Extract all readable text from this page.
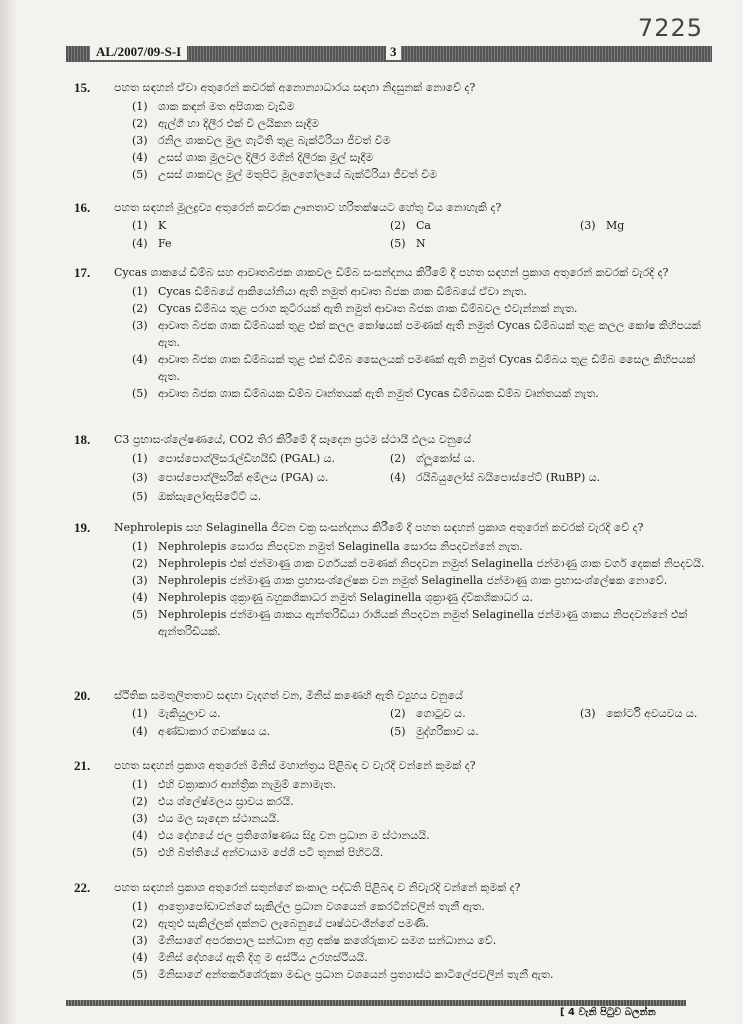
7225
AL/2007/09-S-I	3
15.	පහත සඳහන් ඒවා අතුරෙන් කවරක් අනොන්‍යාධාරය සඳහා නිදසුනක් නොවේ ද?
(1) ශාක කඳන් මත අපිශාක වැඩීම
(2) ඇල්ගී හා දිලීර එක් වී ලයිකන සෑදීම
(3) රනිල ශාකවල මුල ගැටිති තුළ බැක්ටීරියා ජීවත් වීම
(4) උසස් ශාක මූලවල දිලීර මගින් දිලීරක මූල් සෑදීම
(5) උසස් ශාකවල මුල් මතුපිට මූලගෝලයේ බැක්ටීරියා ජීවත් වීම
16.	පහත සඳහන් මූලද්‍රව්‍ය අතුරෙන් කවරක ඌනතාව හරිතක්ෂයට හේතු විය නොහැකි ද?
(1) K	(2) Ca	(3) Mg
(4) Fe	(5) N
17.	Cycas ශාකයේ ඩිම්බ සහ ආවෘතබීජක ශාකවල ඩිම්බ සංසන්දනය කිරීමේ දී පහත සඳහන් ප්‍රකාශ අතුරෙන් කවරක් වැරදි ද?
(1) Cycas ඩිම්බයේ ආකියෝනියා ඇති නමුත් ආවෘත බීජක ශාක ඩිම්බයේ ඒවා නැත.
(2) Cycas ඩිම්බය තුළ පරාග කුටීරයක් ඇති නමුත් ආවෘත බීජක ශාක ඩිම්බවල එවැන්නක් නැත.
(3) ආවෘත බීජක ශාක ඩිම්බයක් තුළ එක් කලල කෝෂයක් පමණක් ඇති නමුත් Cycas ඩිම්බයක් තුළ කලල කෝෂ කිහිපයක් ඇත.
(4) ආවෘත බීජක ශාක ඩිම්බයක් තුළ එක් ඩිම්බ සෛලයක් පමණක් ඇති නමුත් Cycas ඩිම්බය තුළ ඩිම්බ සෛල කිහිපයක් ඇත.
(5) ආවෘත බීජක ශාක ඩිම්බයක ඩිම්බ වෘන්තයක් ඇති නමුත් Cycas ඩිම්බයක ඩිම්බ වෘන්තයක් නැත.
18.	C3 ප්‍රභාසංශ්ලේෂණයේ, CO2 තිර කිරීමේ දී සෑදෙන ප්‍රථම ස්ථායී ඵලය වනුයේ
(1) පොස්පොග්ලිසරැල්ඩිහයිඩ් (PGAL) ය.	(2) ග්ලූකෝස් ය.
(3) පොස්පොග්ලිසරික් අම්ලය (PGA) ය.	(4) රයිබියුලෝස් බයිපොස්පේට් (RuBP) ය.
(5) ඔක්සැලෝඇසිටේට් ය.
19.	Nephrolepis සහ Selaginella ජීවන චක්‍ර සංසන්දනය කිරීමේ දී පහත සඳහන් ප්‍රකාශ අතුරෙන් කවරක් වැරදි වේ ද?
(1) Nephrolepis සොරස නිපදවන නමුත් Selaginella සොරස නිපදවන්නේ නැත.
(2) Nephrolepis එක් ජන්මාණු ශාක වර්ගයක් පමණක් නිපදවන නමුත් Selaginella ජන්මාණු ශාක වර්ග දෙකක් නිපදවයි.
(3) Nephrolepis ජන්මාණු ශාක ප්‍රභාසංශ්ලේෂක වන නමුත් Selaginella ජන්මාණු ශාක ප්‍රභාසංශ්ලේෂක නොවේ.
(4) Nephrolepis ශුක්‍රාණු බහුකශිකාධර නමුත් Selaginella ශුක්‍රාණු ද්විකශිකාධර ය.
(5) Nephrolepis ජන්මාණු ශාකය ඇන්තරිඩියා රාශියක් නිපදවන නමුත් Selaginella ජන්මාණු ශාකය නිපදවන්නේ එක් ඇන්තරිඩියක්.
20.	ස්ථිතික සමතුලිතතාව සඳහා වැදගත් වන, මිනිස් කණෙහි ඇති ව්‍යුහය වනුයේ
(1) මැකියුලාව ය.	(2) ගොටුව ය.	(3) කෝර්ටි අවයවය ය.
(4) අණ්ඩාකාර ගවාක්ෂය ය.	(5) මුද්ගරිකාව ය.
21.	පහත සඳහන් ප්‍රකාශ අතුරෙන් මිනිස් මහාන්ත්‍රය පිළිබඳ ව වැරදි වන්නේ කුමක් ද?
(1) එහි වක්‍රාකාර ආන්ත්‍රික නැමුම් නොමැත.
(2) එය ශ්ලේෂ්මලය ස්‍රාවය කරයි.
(3) එය මල සෑදෙන ස්ථානයයි.
(4) එය දේහයේ ජල ප්‍රතිශෝෂණය සිදු වන ප්‍රධාන ම ස්ථානයයි.
(5) එහි බිත්තියේ අන්වායාම පේශි පටි තුනක් පිහිටයි.
22.	පහත සඳහන් ප්‍රකාශ අතුරෙන් සතුන්ගේ කංකාල පද්ධති පිළිබඳ ව නිවැරදි වන්නේ කුමක් ද?
(1) ආත්‍රොපෝඩාවන්ගේ සැකිල්ල ප්‍රධාන වශයෙන් කෙරටින්වලින් තැනී ඇත.
(2) ඇතුළු සැකිල්ලක් දක්නට ලැබෙනුයේ පෘෂ්ඨවංශීන්ගේ පමණි.
(3) මිනිසාගේ අපරකපාල සන්ධාන අග්‍ර අක්ෂ කශේරුකාව සමග සන්ධානය වේ.
(4) මිනිස් දේහයේ ඇති දිගු ම අස්ථිය උරහස්ථියයි.
(5) මිනිසාගේ අන්තර්කශේරුකා මඬල ප්‍රධාන වශයෙන් ප්‍රත්‍යාස්ථ කාටිලේජවලින් තැනී ඇත.
[ 4 වැනි පිටුව බලන්න
